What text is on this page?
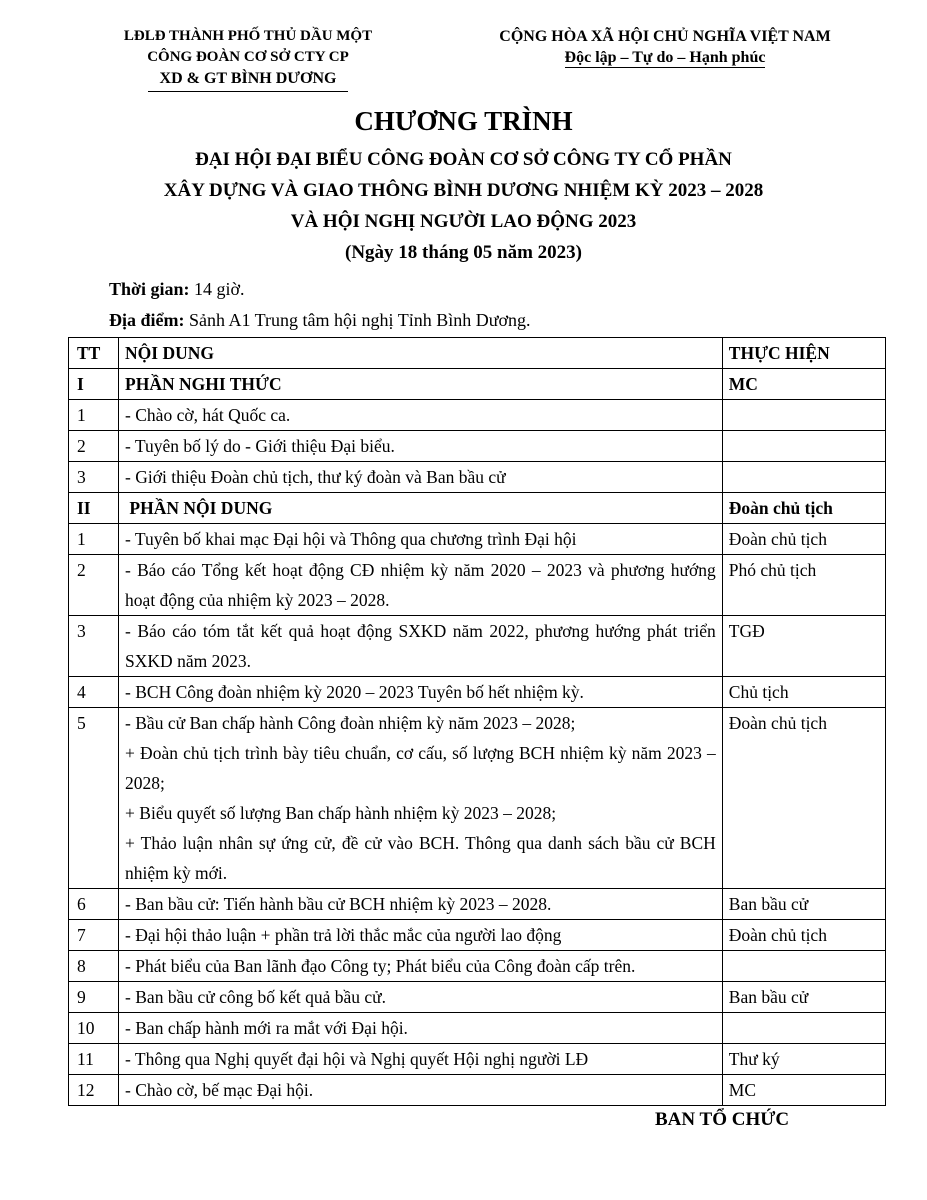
LĐLĐ THÀNH PHỐ THỦ DẦU MỘT
CÔNG ĐOÀN CƠ SỞ CTY CP
XD & GT BÌNH DƯƠNG
CỘNG HÒA XÃ HỘI CHỦ NGHĨA VIỆT NAM
Độc lập – Tự do – Hạnh phúc
CHƯƠNG TRÌNH
ĐẠI HỘI ĐẠI BIỂU CÔNG ĐOÀN CƠ SỞ CÔNG TY CỔ PHẦN
XÂY DỰNG VÀ GIAO THÔNG BÌNH DƯƠNG NHIỆM KỲ 2023 – 2028
VÀ HỘI NGHỊ NGƯỜI LAO ĐỘNG 2023
(Ngày 18 tháng 05 năm 2023)
Thời gian: 14 giờ.
Địa điểm: Sảnh A1 Trung tâm hội nghị Tỉnh Bình Dương.
TT	NỘI DUNG	THỰC HIỆN
I	PHẦN NGHI THỨC	MC
1	- Chào cờ, hát Quốc ca.	
2	- Tuyên bố lý do - Giới thiệu Đại biểu.	
3	- Giới thiệu Đoàn chủ tịch, thư ký đoàn và Ban bầu cử	
II	PHẦN NỘI DUNG	Đoàn chủ tịch
1	- Tuyên bố khai mạc Đại hội và Thông qua chương trình Đại hội	Đoàn chủ tịch
2	- Báo cáo Tổng kết hoạt động CĐ nhiệm kỳ năm 2020 – 2023 và phương hướng hoạt động của nhiệm kỳ 2023 – 2028.	Phó chủ tịch
3	- Báo cáo tóm tắt kết quả hoạt động SXKD năm 2022, phương hướng phát triển SXKD năm 2023.	TGĐ
4	- BCH Công đoàn nhiệm kỳ 2020 – 2023 Tuyên bố hết nhiệm kỳ.	Chủ tịch
5	- Bầu cử Ban chấp hành Công đoàn nhiệm kỳ năm 2023 – 2028;
+ Đoàn chủ tịch trình bày tiêu chuẩn, cơ cấu, số lượng BCH nhiệm kỳ năm 2023 – 2028;
+ Biểu quyết số lượng Ban chấp hành nhiệm kỳ 2023 – 2028;
+ Thảo luận nhân sự ứng cử, đề cử vào BCH. Thông qua danh sách bầu cử BCH nhiệm kỳ mới.	Đoàn chủ tịch
6	- Ban bầu cử: Tiến hành bầu cử BCH nhiệm kỳ 2023 – 2028.	Ban bầu cử
7	- Đại hội thảo luận + phần trả lời thắc mắc của người lao động	Đoàn chủ tịch
8	- Phát biểu của Ban lãnh đạo Công ty; Phát biểu của Công đoàn cấp trên.	
9	- Ban bầu cử công bố kết quả bầu cử.	Ban bầu cử
10	- Ban chấp hành mới ra mắt với Đại hội.	
11	- Thông qua Nghị quyết đại hội và Nghị quyết Hội nghị người LĐ	Thư ký
12	- Chào cờ, bế mạc Đại hội.	MC
BAN TỔ CHỨC
